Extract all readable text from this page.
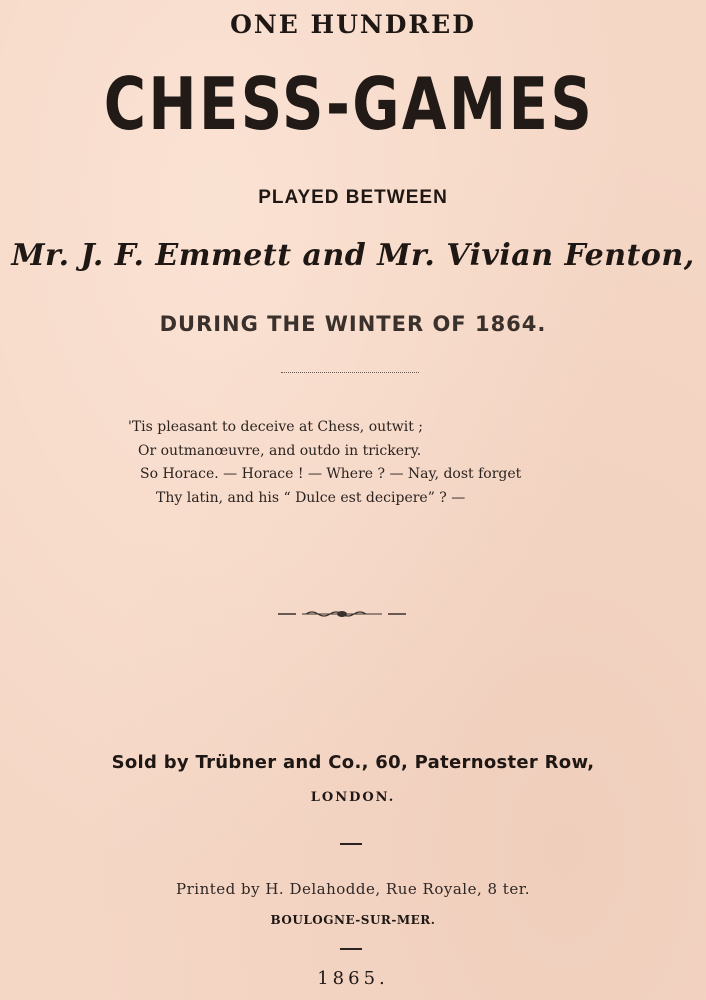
ONE HUNDRED
CHESS-GAMES
PLAYED BETWEEN
Mr. J. F. Emmett and Mr. Vivian Fenton,
DURING THE WINTER OF 1864.
'Tis pleasant to deceive at Chess, outwit ;
Or outmanœuvre, and outdo in trickery.
So Horace. — Horace ! — Where ? — Nay, dost forget
Thy latin, and his “ Dulce est decipere” ? —
Sold by Trübner and Co., 60, Paternoster Row,
LONDON.
Printed by H. Delahodde, Rue Royale, 8 ter.
BOULOGNE-SUR-MER.
1865.
